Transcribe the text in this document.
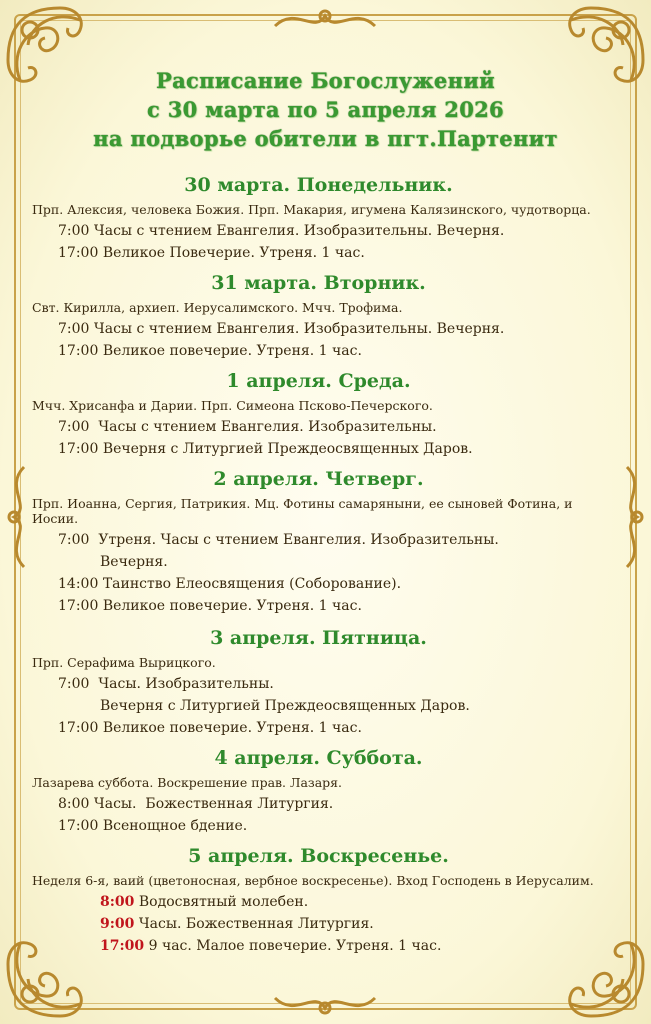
Расписание Богослужений
с 30 марта по 5 апреля 2026
на подворье обители в пгт.Партенит
30 марта. Понедельник.
Прп. Алексия, человека Божия. Прп. Макария, игумена Калязинского, чудотворца.
7:00 Часы с чтением Евангелия. Изобразительны. Вечерня.
17:00 Великое Повечерие. Утреня. 1 час.
31 марта. Вторник.
Свт. Кирилла, архиеп. Иерусалимского. Мчч. Трофима.
7:00 Часы с чтением Евангелия. Изобразительны. Вечерня.
17:00 Великое повечерие. Утреня. 1 час.
1 апреля. Среда.
Мчч. Хрисанфа и Дарии. Прп. Симеона Псково-Печерского.
7:00  Часы с чтением Евангелия. Изобразительны.
17:00 Вечерня с Литургией Преждеосвященных Даров.
2 апреля. Четверг.
Прп. Иоанна, Сергия, Патрикия. Мц. Фотины самаряныни, ее сыновей Фотина, и Иосии.
7:00  Утреня. Часы с чтением Евангелия. Изобразительны.
Вечерня.
14:00 Таинство Елеосвящения (Соборование).
17:00 Великое повечерие. Утреня. 1 час.
3 апреля. Пятница.
Прп. Серафима Вырицкого.
7:00  Часы. Изобразительны.
Вечерня с Литургией Преждеосвященных Даров.
17:00 Великое повечерие. Утреня. 1 час.
4 апреля. Суббота.
Лазарева суббота. Воскрешение прав. Лазаря.
8:00 Часы.  Божественная Литургия.
17:00 Всенощное бдение.
5 апреля. Воскресенье.
Неделя 6-я, ваий (цветоносная, вербное воскресенье). Вход Господень в Иерусалим.
8:00 Водосвятный молебен.
9:00 Часы. Божественная Литургия.
17:00 9 час. Малое повечерие. Утреня. 1 час.
